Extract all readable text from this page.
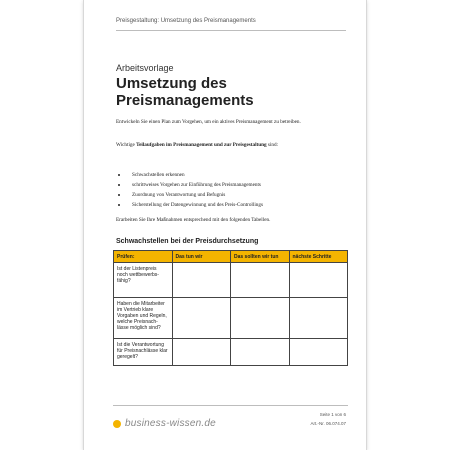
Preisgestaltung: Umsetzung des Preismanagements
Arbeitsvorlage
Umsetzung des Preismanagements
Entwickeln Sie einen Plan zum Vorgehen, um ein aktives Preismanagement zu betreiben.
Wichtige Teilaufgaben im Preismanagement und zur Preisgestaltung sind:
Schwachstellen erkennen
schrittweises Vorgehen zur Einführung des Preismanagements
Zuordnung von Verantwortung und Befugnis
Sicherstellung der Datengewinnung und des Preis-Controllings
Erarbeiten Sie Ihre Maßnahmen entsprechend mit den folgenden Tabellen.
Schwachstellen bei der Preisdurchsetzung
Prüfen:	Das tun wir	Das sollten wir tun	nächste Schritte
Ist der Listenpreis noch wettbewerbs-fähig?			
Haben die Mitarbeiter im Vertrieb klare Vorgaben und Regeln, welche Preisnach-lässe möglich sind?			
Ist die Verantwortung für Preisnachlässe klar geregelt?			
business-wissen.de
Seite 1 von 6
Art.-Nr. 06.074.07
